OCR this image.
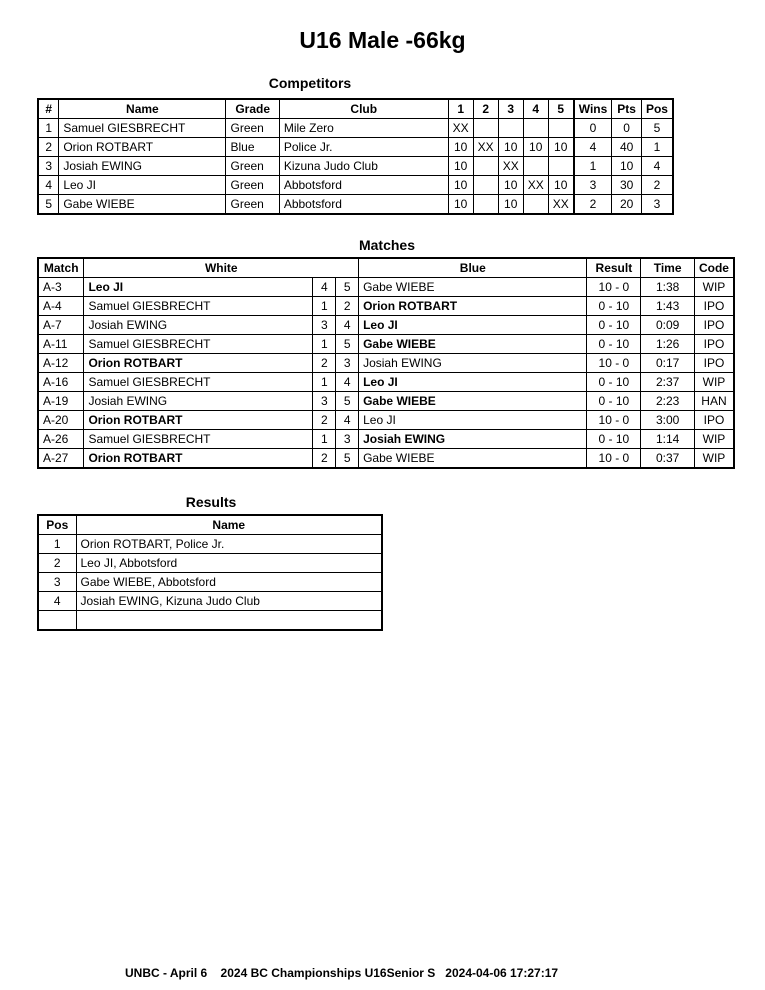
U16 Male -66kg
Competitors
#	Name	Grade	Club	1	2	3	4	5	Wins	Pts	Pos
1	Samuel GIESBRECHT	Green	Mile Zero	XX					0	0	5
2	Orion ROTBART	Blue	Police Jr.	10	XX	10	10	10	4	40	1
3	Josiah EWING	Green	Kizuna Judo Club	10		XX			1	10	4
4	Leo JI	Green	Abbotsford	10		10	XX	10	3	30	2
5	Gabe WIEBE	Green	Abbotsford	10		10		XX	2	20	3
Matches
Match	White			Blue	Result	Time	Code
A-3	Leo JI	4	5	Gabe WIEBE	10 - 0	1:38	WIP
A-4	Samuel GIESBRECHT	1	2	Orion ROTBART	0 - 10	1:43	IPO
A-7	Josiah EWING	3	4	Leo JI	0 - 10	0:09	IPO
A-11	Samuel GIESBRECHT	1	5	Gabe WIEBE	0 - 10	1:26	IPO
A-12	Orion ROTBART	2	3	Josiah EWING	10 - 0	0:17	IPO
A-16	Samuel GIESBRECHT	1	4	Leo JI	0 - 10	2:37	WIP
A-19	Josiah EWING	3	5	Gabe WIEBE	0 - 10	2:23	HAN
A-20	Orion ROTBART	2	4	Leo JI	10 - 0	3:00	IPO
A-26	Samuel GIESBRECHT	1	3	Josiah EWING	0 - 10	1:14	WIP
A-27	Orion ROTBART	2	5	Gabe WIEBE	10 - 0	0:37	WIP
Results
Pos	Name
1	Orion ROTBART, Police Jr.
2	Leo JI, Abbotsford
3	Gabe WIEBE, Abbotsford
4	Josiah EWING, Kizuna Judo Club

UNBC - April 6    2024 BC Championships U16Senior S   2024-04-06 17:27:17
